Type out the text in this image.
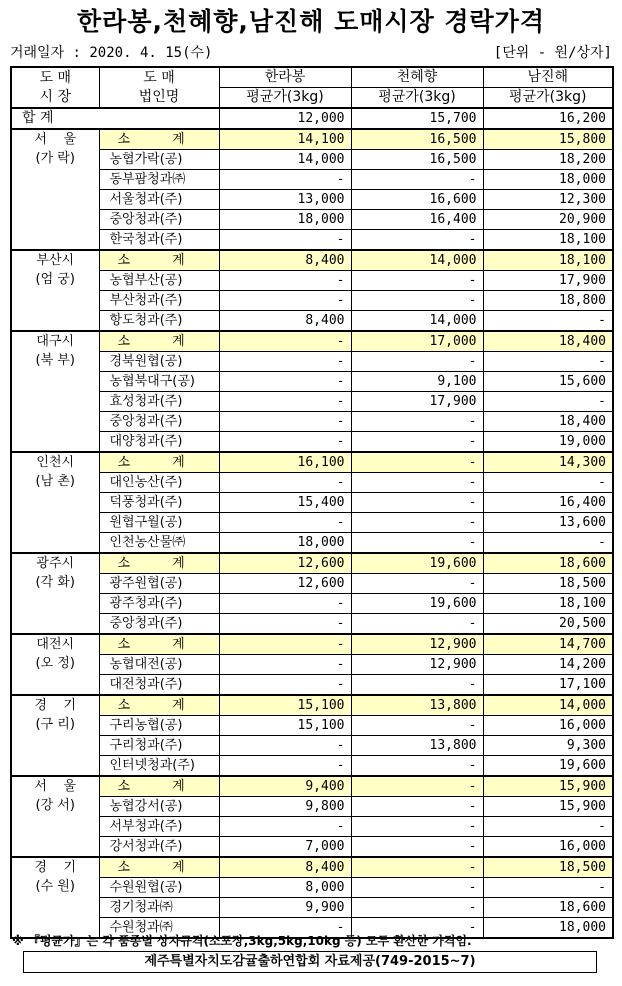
한라봉,천혜향,남진해 도매시장 경락가격
거래일자 : 2020. 4. 15(수)	[단위 - 원/상자]
도 매
시 장	도 매
법인명	한라봉	천혜향	남진해
		평균가(3kg)	평균가(3kg)	평균가(3kg)
합 계		12,000	15,700	16,200

서    울
(가 락)	소        계	14,100	16,500	15,800
	농협가락(공)	14,000	16,500	18,200
	동부팜청과㈜	-	-	18,000
	서울청과(주)	13,000	16,600	12,300
	중앙청과(주)	18,000	16,400	20,900
	한국청과(주)	-	-	18,100

부산시
(엄 궁)	소        계	8,400	14,000	18,100
	농협부산(공)	-	-	17,900
	부산청과(주)	-	-	18,800
	항도청과(주)	8,400	14,000	-

대구시
(북 부)	소        계	-	17,000	18,400
	경북원협(공)	-	-	-
	농협북대구(공)	-	9,100	15,600
	효성청과(주)	-	17,900	-
	중앙청과(주)	-	-	18,400
	대양청과(주)	-	-	19,000

인천시
(남 촌)	소        계	16,100	-	14,300
	대인농산(주)	-	-	-
	덕풍청과(주)	15,400	-	16,400
	원협구월(공)	-	-	13,600
	인천농산물㈜	18,000	-	-

광주시
(각 화)	소        계	12,600	19,600	18,600
	광주원협(공)	12,600	-	18,500
	광주청과(주)	-	19,600	18,100
	중앙청과(주)	-	-	20,500

대전시
(오 정)	소        계	-	12,900	14,700
	농협대전(공)	-	12,900	14,200
	대전청과(주)	-	-	17,100

경    기
(구 리)	소        계	15,100	13,800	14,000
	구리농협(공)	15,100	-	16,000
	구리청과(주)	-	13,800	9,300
	인터넷청과(주)	-	-	19,600

서    울
(강 서)	소        계	9,400	-	15,900
	농협강서(공)	9,800	-	15,900
	서부청과(주)	-	-	-
	강서청과(주)	7,000	-	16,000

경    기
(수 원)	소        계	8,400	-	18,500
	수원원협(공)	8,000	-	-
	경기청과㈜	9,900	-	18,600
	수원청과㈜	-	-	18,000
※ 『평균가』는 각 품종별 상자규격(소포장,3kg,5kg,10kg 등) 모두 환산한 가격임.
제주특별자치도감귤출하연합회 자료제공(749-2015~7)
